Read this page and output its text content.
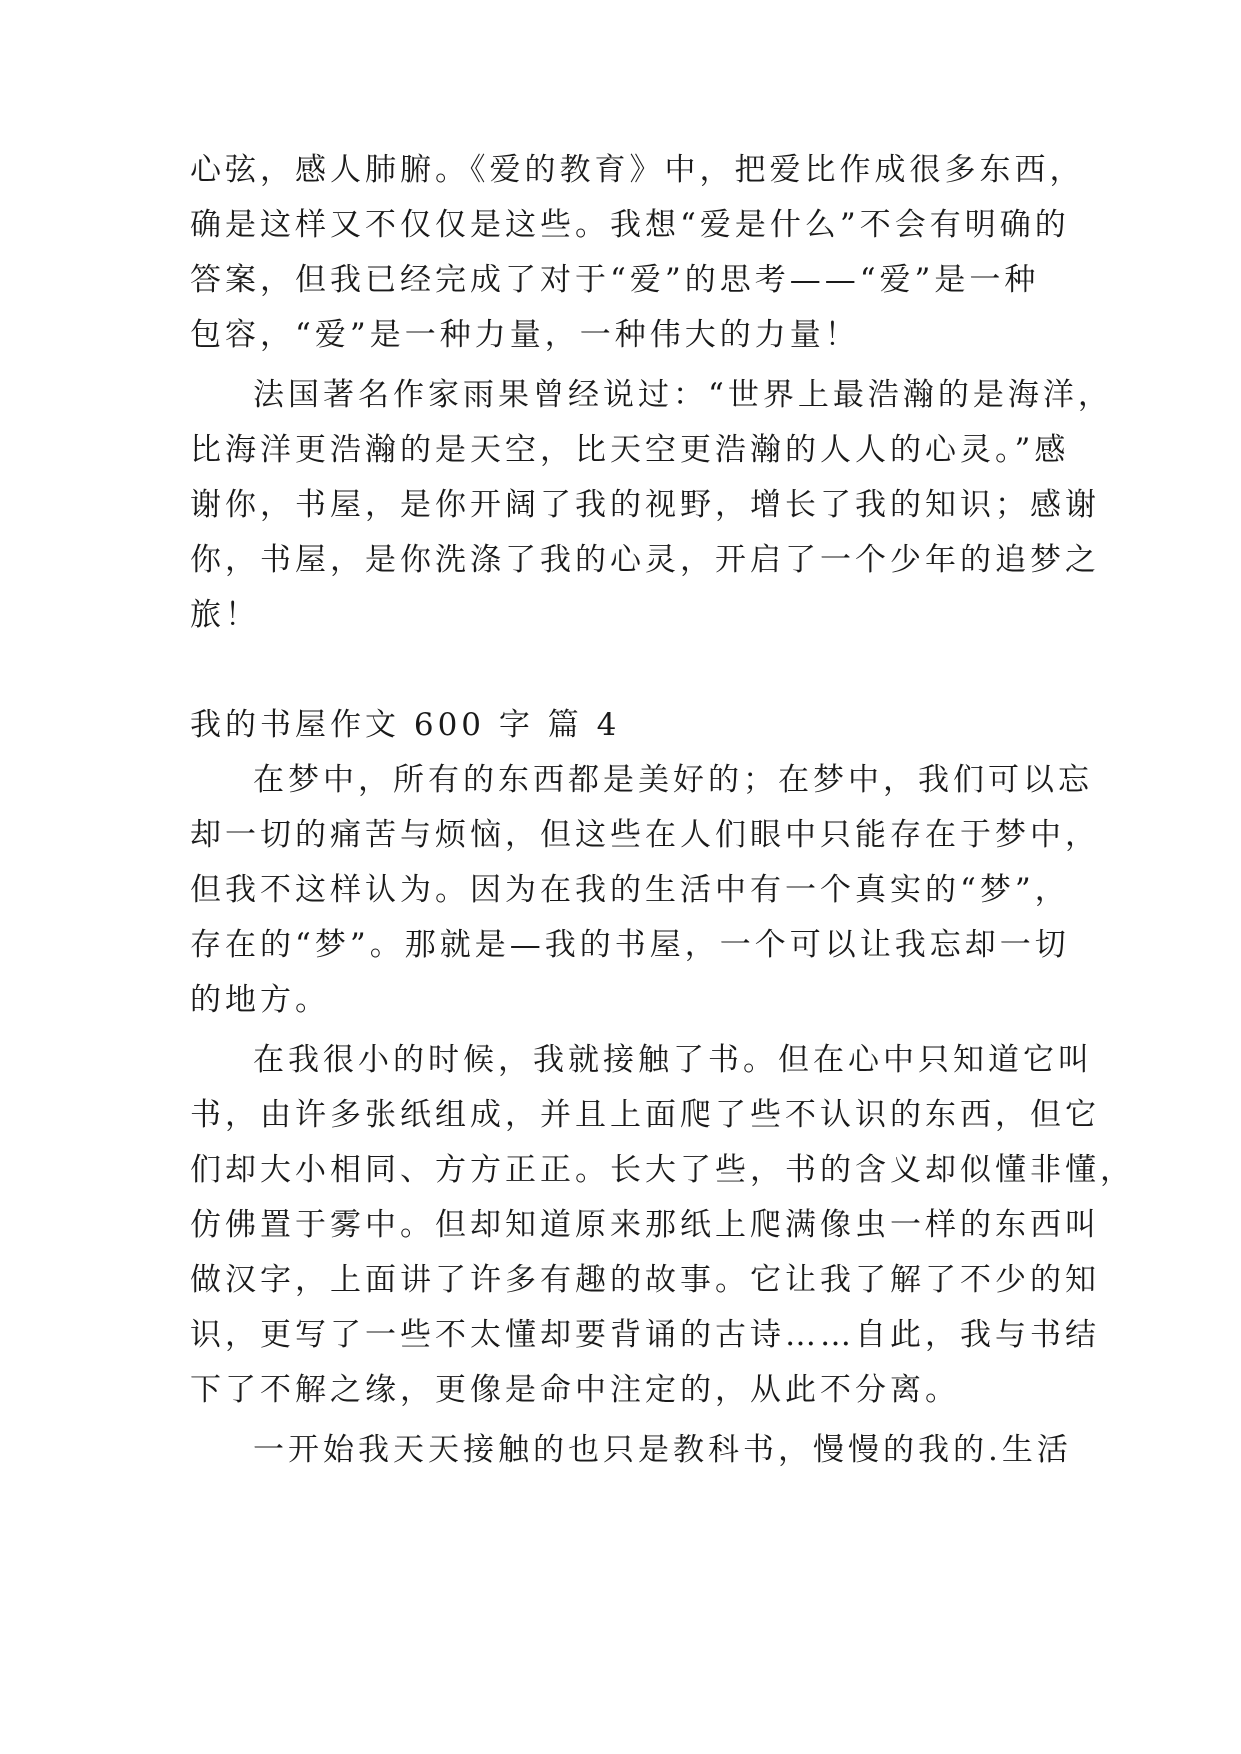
心弦，感人肺腑。《爱的教育》中，把爱比作成很多东西，
确是这样又不仅仅是这些。我想“爱是什么”不会有明确的
答案，但我已经完成了对于“爱”的思考——“爱”是一种
包容，“爱”是一种力量，一种伟大的力量！
法国著名作家雨果曾经说过：“世界上最浩瀚的是海洋，
比海洋更浩瀚的是天空，比天空更浩瀚的人人的心灵。”感
谢你，书屋，是你开阔了我的视野，增长了我的知识；感谢
你，书屋，是你洗涤了我的心灵，开启了一个少年的追梦之
旅！
我的书屋作文 600 字 篇 4
在梦中，所有的东西都是美好的；在梦中，我们可以忘
却一切的痛苦与烦恼，但这些在人们眼中只能存在于梦中，
但我不这样认为。因为在我的生活中有一个真实的“梦”，
存在的“梦”。那就是—我的书屋，一个可以让我忘却一切
的地方。
在我很小的时候，我就接触了书。但在心中只知道它叫
书，由许多张纸组成，并且上面爬了些不认识的东西，但它
们却大小相同、方方正正。长大了些，书的含义却似懂非懂，
仿佛置于雾中。但却知道原来那纸上爬满像虫一样的东西叫
做汉字，上面讲了许多有趣的故事。它让我了解了不少的知
识，更写了一些不太懂却要背诵的古诗……自此，我与书结
下了不解之缘，更像是命中注定的，从此不分离。
一开始我天天接触的也只是教科书，慢慢的我的.生活
